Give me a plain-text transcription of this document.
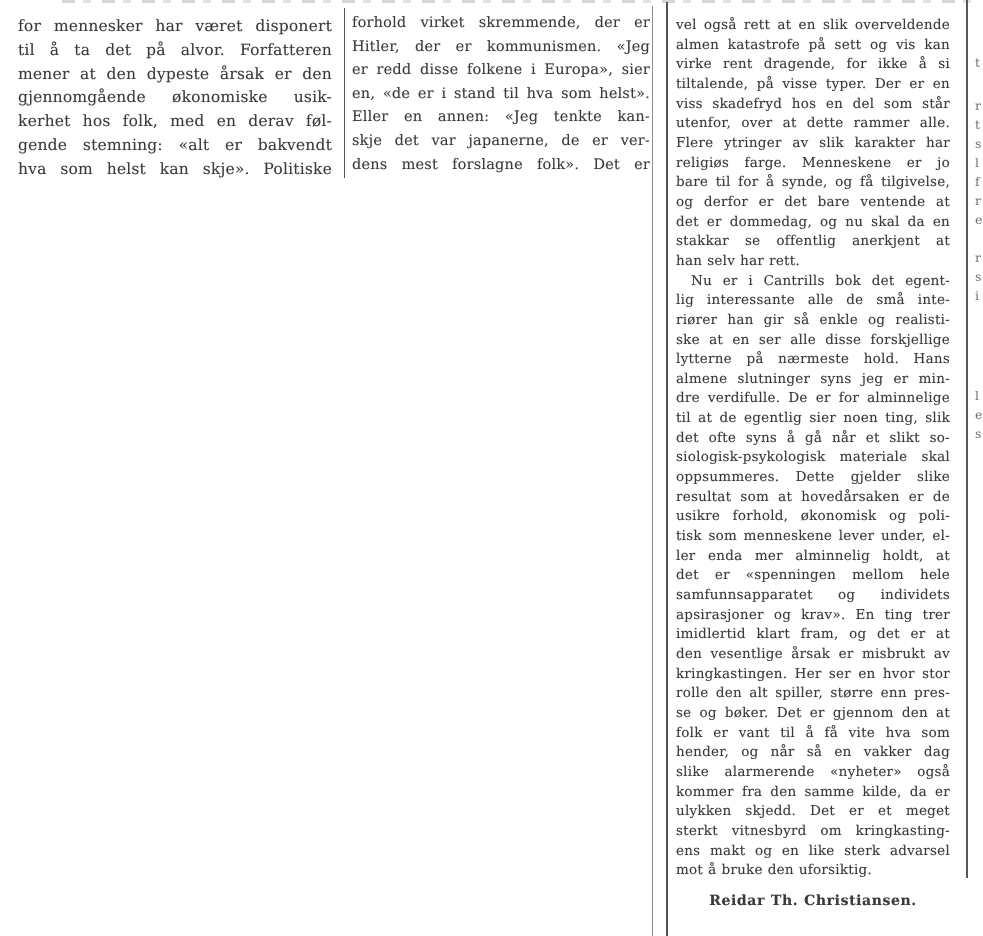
for mennesker har været disponert
til å ta det på alvor. Forfatteren
mener at den dypeste årsak er den
gjennomgående økonomiske usik-
kerhet hos folk, med en derav føl-
gende stemning: «alt er bakvendt
hva som helst kan skje». Politiske
forhold virket skremmende, der er
Hitler, der er kommunismen. «Jeg
er redd disse folkene i Europa», sier
en, «de er i stand til hva som helst».
Eller en annen: «Jeg tenkte kan-
skje det var japanerne, de er ver-
dens mest forslagne folk». Det er
vel også rett at en slik overveldende
almen katastrofe på sett og vis kan
virke rent dragende, for ikke å si
tiltalende, på visse typer. Der er en
viss skadefryd hos en del som står
utenfor, over at dette rammer alle.
Flere ytringer av slik karakter har
religiøs farge. Menneskene er jo
bare til for å synde, og få tilgivelse,
og derfor er det bare ventende at
det er dommedag, og nu skal da en
stakkar se offentlig anerkjent at
han selv har rett.
Nu er i Cantrills bok det egent-
lig interessante alle de små inte-
riører han gir så enkle og realisti-
ske at en ser alle disse forskjellige
lytterne på nærmeste hold. Hans
almene slutninger syns jeg er min-
dre verdifulle. De er for alminnelige
til at de egentlig sier noen ting, slik
det ofte syns å gå når et slikt so-
siologisk-psykologisk materiale skal
oppsummeres. Dette gjelder slike
resultat som at hovedårsaken er de
usikre forhold, økonomisk og poli-
tisk som menneskene lever under, el-
ler enda mer alminnelig holdt, at
det er «spenningen mellom hele
samfunnsapparatet og individets
apsirasjoner og krav». En ting trer
imidlertid klart fram, og det er at
den vesentlige årsak er misbrukt av
kringkastingen. Her ser en hvor stor
rolle den alt spiller, større enn pres-
se og bøker. Det er gjennom den at
folk er vant til å få vite hva som
hender, og når så en vakker dag
slike alarmerende «nyheter» også
kommer fra den samme kilde, da er
ulykken skjedd. Det er et meget
sterkt vitnesbyrd om kringkasting-
ens makt og en like sterk advarsel
mot å bruke den uforsiktig.
Reidar Th. Christiansen.
t
r
t
s
l
f
r
e
r
s
i
l
e
s
